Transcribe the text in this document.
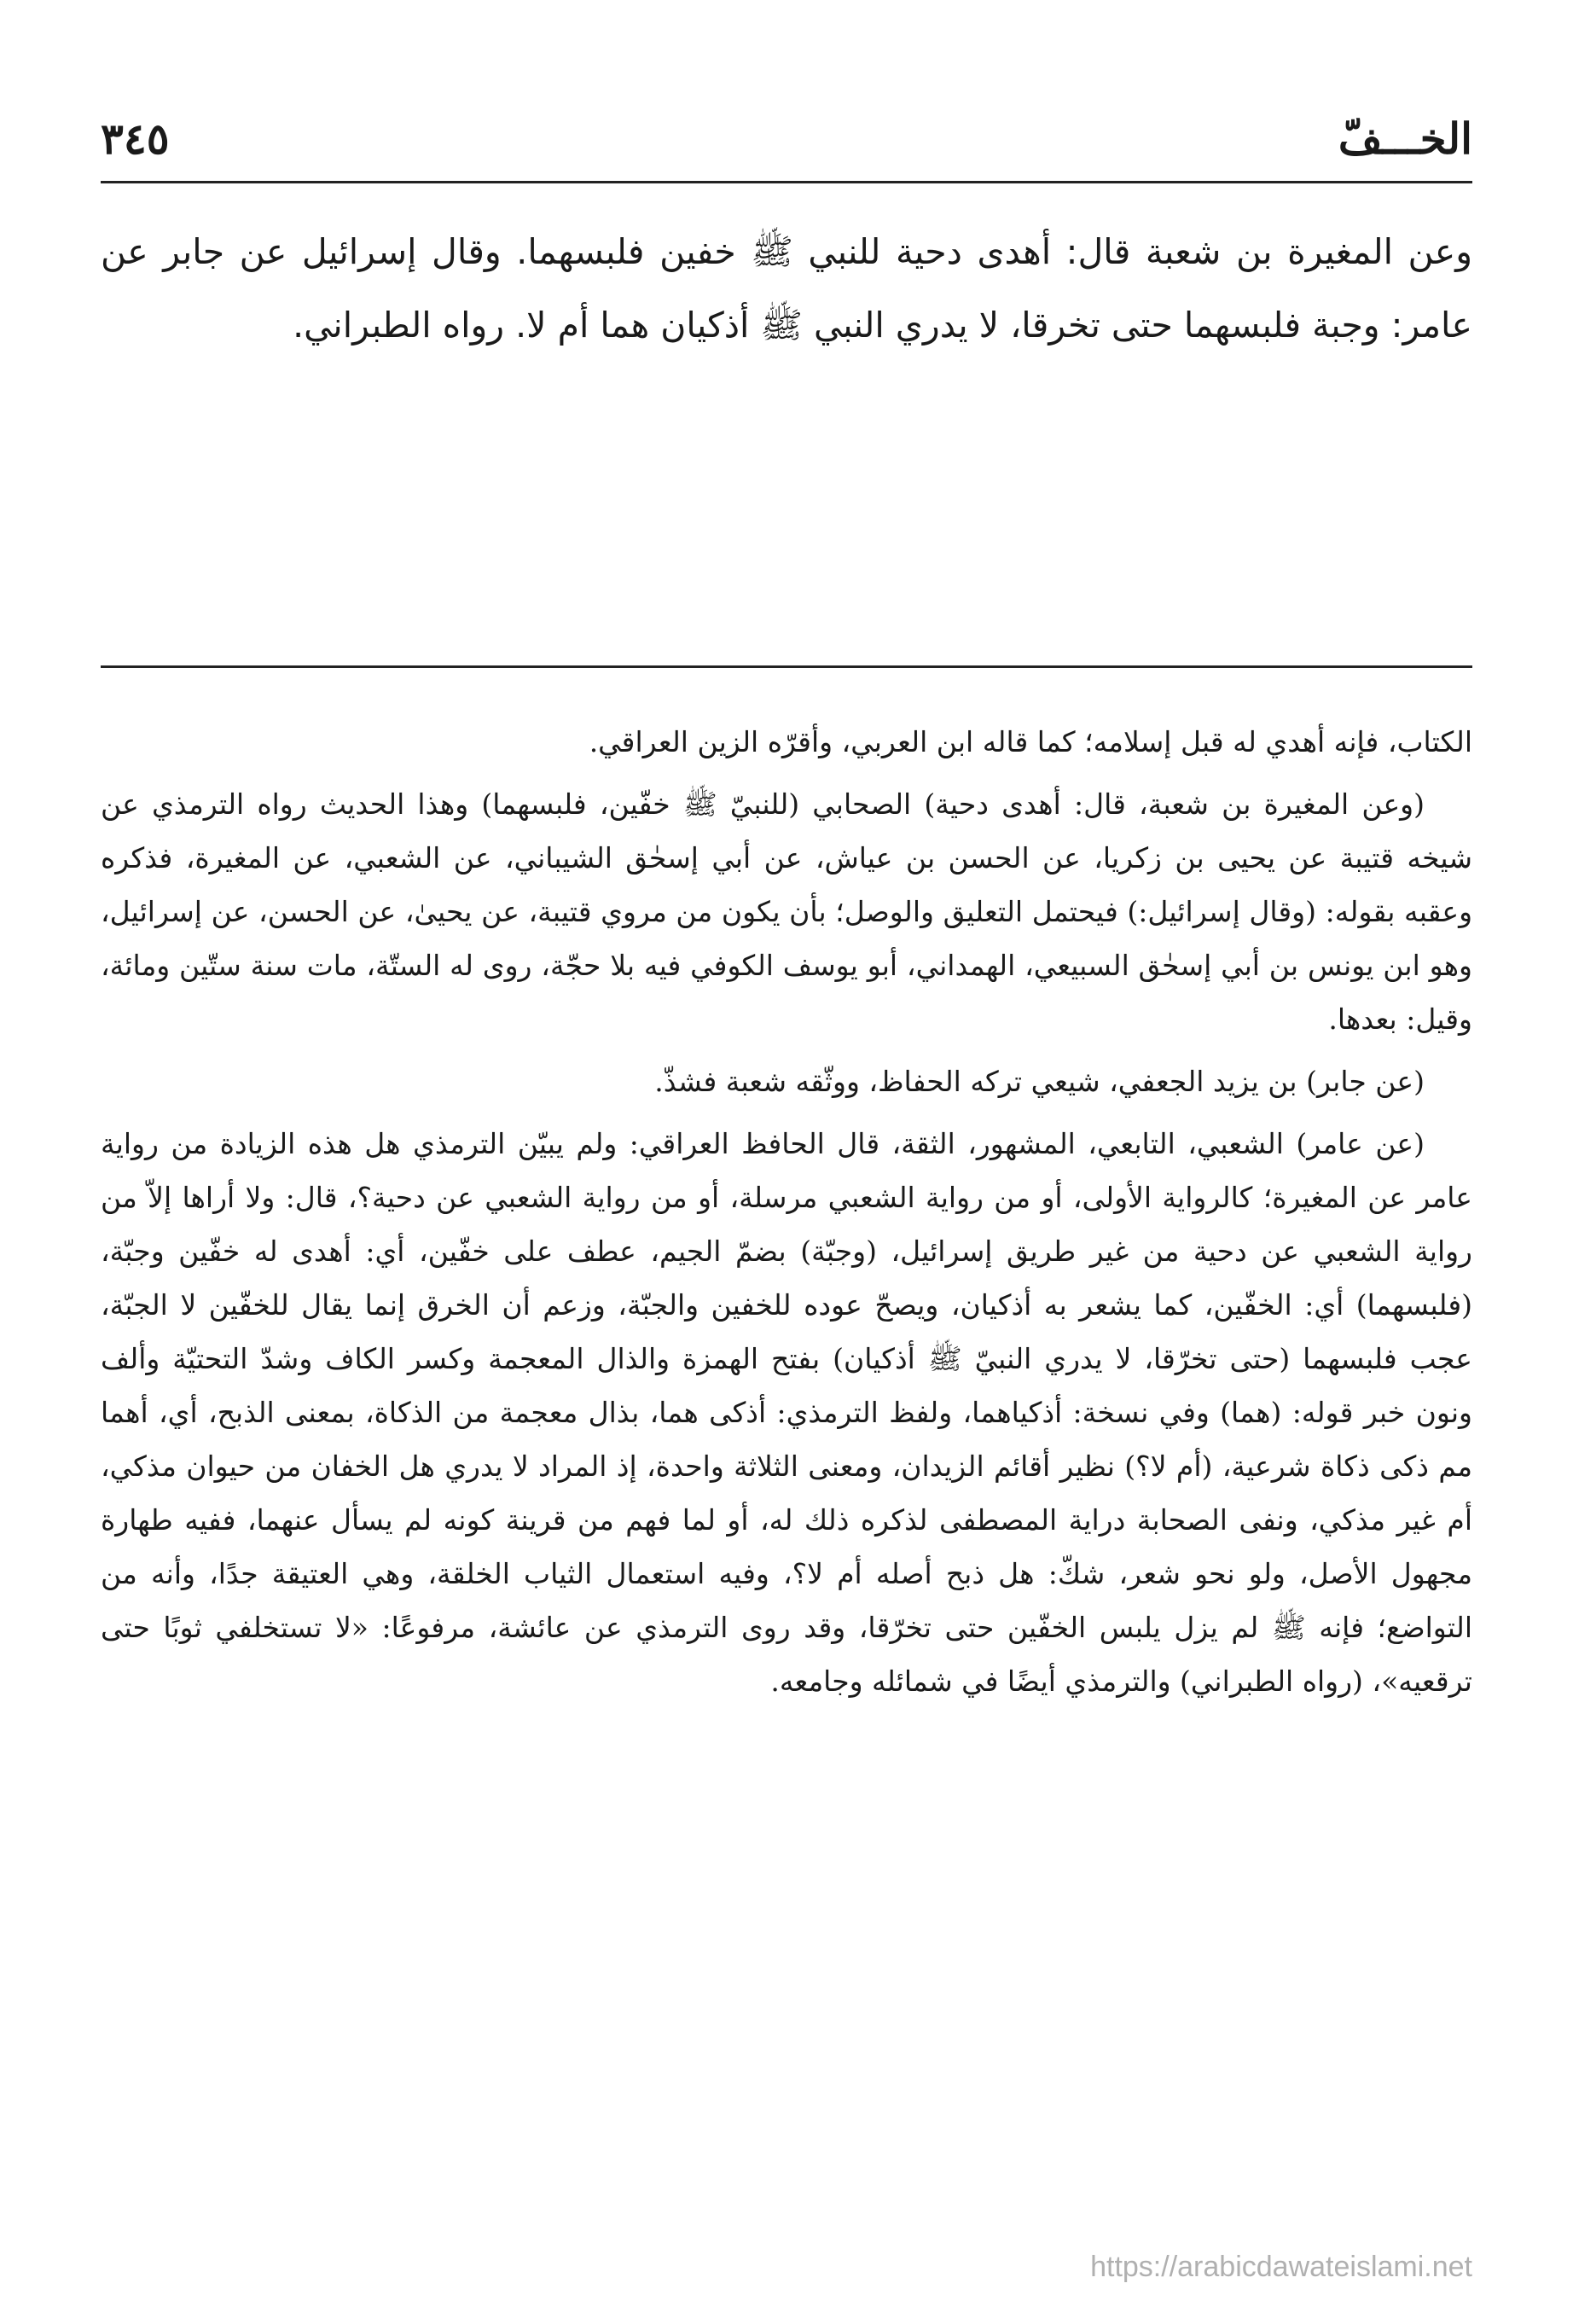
الخـــفّ
٣٤٥
وعن المغيرة بن شعبة قال: أهدى دحية للنبي ﷺ خفين فلبسهما. وقال إسرائيل عن جابر عن عامر: وجبة فلبسهما حتى تخرقا، لا يدري النبي ﷺ أذكيان هما أم لا. رواه الطبراني.

الكتاب، فإنه أهدي له قبل إسلامه؛ كما قاله ابن العربي، وأقرّه الزين العراقي.

(وعن المغيرة بن شعبة، قال: أهدى دحية) الصحابي (للنبيّ ﷺ خفّين، فلبسهما) وهذا الحديث رواه الترمذي عن شيخه قتيبة عن يحيى بن زكريا، عن الحسن بن عياش، عن أبي إسحٰق الشيباني، عن الشعبي، عن المغيرة، فذكره وعقبه بقوله: (وقال إسرائيل:) فيحتمل التعليق والوصل؛ بأن يكون من مروي قتيبة، عن يحيىٰ، عن الحسن، عن إسرائيل، وهو ابن يونس بن أبي إسحٰق السبيعي، الهمداني، أبو يوسف الكوفي فيه بلا حجّة، روى له الستّة، مات سنة ستّين ومائة، وقيل: بعدها.

(عن جابر) بن يزيد الجعفي، شيعي تركه الحفاظ، ووثّقه شعبة فشذّ.

(عن عامر) الشعبي، التابعي، المشهور، الثقة، قال الحافظ العراقي: ولم يبيّن الترمذي هل هذه الزيادة من رواية عامر عن المغيرة؛ كالرواية الأولى، أو من رواية الشعبي مرسلة، أو من رواية الشعبي عن دحية؟، قال: ولا أراها إلاّ من رواية الشعبي عن دحية من غير طريق إسرائيل، (وجبّة) بضمّ الجيم، عطف على خفّين، أي: أهدى له خفّين وجبّة، (فلبسهما) أي: الخفّين، كما يشعر به أذكيان، ويصحّ عوده للخفين والجبّة، وزعم أن الخرق إنما يقال للخفّين لا الجبّة، عجب فلبسهما (حتى تخرّقا، لا يدري النبيّ ﷺ أذكيان) بفتح الهمزة والذال المعجمة وكسر الكاف وشدّ التحتيّة وألف ونون خبر قوله: (هما) وفي نسخة: أذكياهما، ولفظ الترمذي: أذكى هما، بذال معجمة من الذكاة، بمعنى الذبح، أي، أهما مم ذكى ذكاة شرعية، (أم لا؟) نظير أقائم الزيدان، ومعنى الثلاثة واحدة، إذ المراد لا يدري هل الخفان من حيوان مذكي، أم غير مذكي، ونفى الصحابة دراية المصطفى لذكره ذلك له، أو لما فهم من قرينة كونه لم يسأل عنهما، ففيه طهارة مجهول الأصل، ولو نحو شعر، شكّ: هل ذبح أصله أم لا؟، وفيه استعمال الثياب الخلقة، وهي العتيقة جدًا، وأنه من التواضع؛ فإنه ﷺ لم يزل يلبس الخفّين حتى تخرّقا، وقد روى الترمذي عن عائشة، مرفوعًا: «لا تستخلفي ثوبًا حتى ترقعيه»، (رواه الطبراني) والترمذي أيضًا في شمائله وجامعه.

https://arabicdawateislami.net
